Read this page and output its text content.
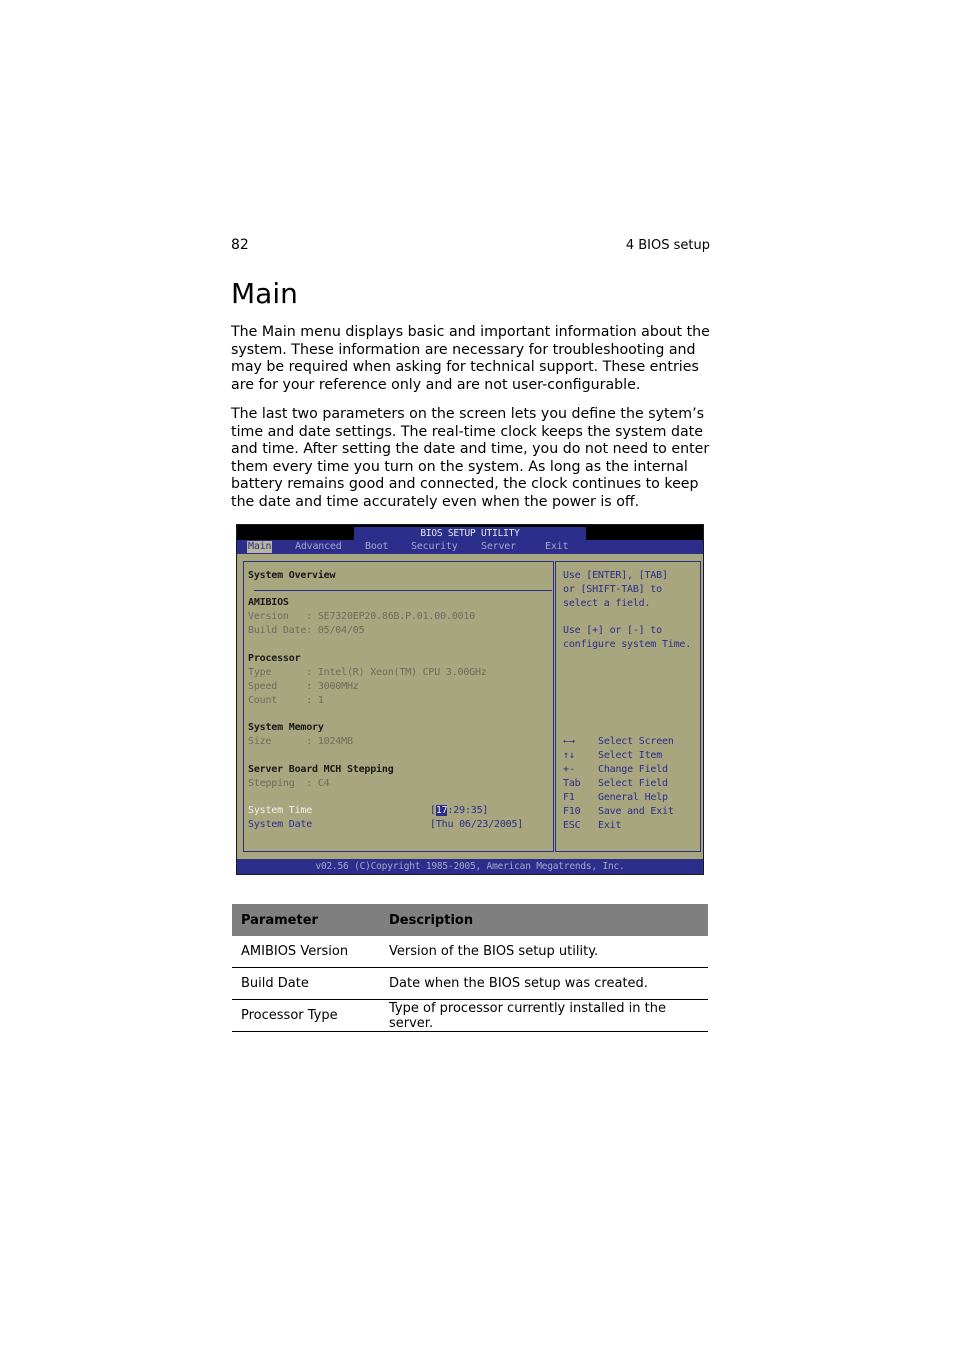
82	4 BIOS setup
Main

The Main menu displays basic and important information about the system. These information are necessary for troubleshooting and may be required when asking for technical support. These entries are for your reference only and are not user-configurable.

The last two parameters on the screen lets you define the sytem’s time and date settings. The real-time clock keeps the system date and time. After setting the date and time, you do not need to enter them every time you turn on the system. As long as the internal battery remains good and connected, the clock continues to keep the date and time accurately even when the power is off.

BIOS SETUP UTILITY
Main Advanced Boot Security Server	Exit
System Overview
AMIBIOS
Version   : SE7320EP20.86B.P.01.00.0010
Build Date: 05/04/05
Processor
Type      : Intel(R) Xeon(TM) CPU 3.00GHz
Speed     : 3000MHz
Count     : 1
System Memory
Size      : 1024MB
Server Board MCH Stepping
Stepping  : C4
System Time	[17:29:35]
System Date	[Thu 06/23/2005]
Use [ENTER], [TAB]
or [SHIFT-TAB] to
select a field.
Use [+] or [-] to
configure system Time.
←→ Select Screen
↑↓ Select Item
+- Change Field
Tab Select Field
F1 General Help
F10 Save and Exit
ESC Exit
v02.56 (C)Copyright 1985-2005, American Megatrends, Inc.
Parameter	Description
AMIBIOS Version	Version of the BIOS setup utility.
Build Date	Date when the BIOS setup was created.
Processor Type	Type of processor currently installed in the server.
